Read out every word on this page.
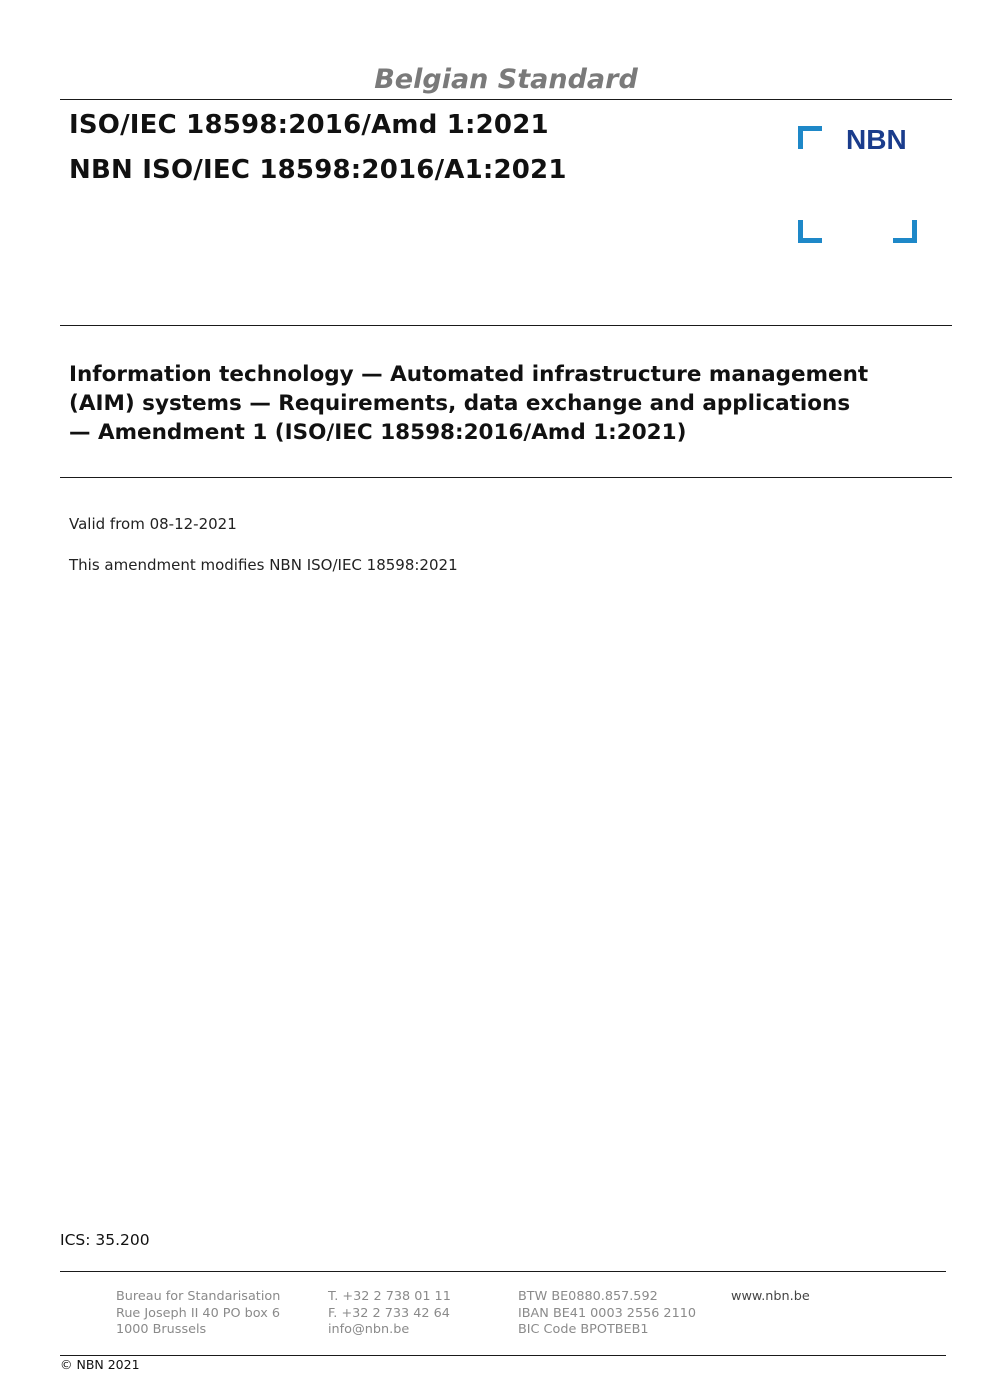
Belgian Standard
ISO/IEC 18598:2016/Amd 1:2021
NBN ISO/IEC 18598:2016/A1:2021
NBN
Information technology — Automated infrastructure management
(AIM) systems — Requirements, data exchange and applications
— Amendment 1 (ISO/IEC 18598:2016/Amd 1:2021)
Valid from 08-12-2021
This amendment modifies NBN ISO/IEC 18598:2021
ICS: 35.200
Bureau for Standarisation
Rue Joseph II 40 PO box 6
1000 Brussels
T. +32 2 738 01 11
F. +32 2 733 42 64
info@nbn.be
BTW BE0880.857.592
IBAN BE41 0003 2556 2110
BIC Code BPOTBEB1
www.nbn.be
© NBN 2021
